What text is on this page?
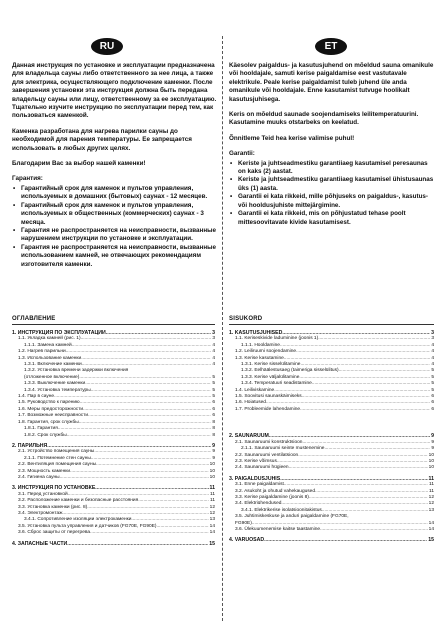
RU

Данная инструкция по установке и эксплуатации предназначена для владельца сауны либо ответственного за нее лица, а также для электрика, осуществляющего подключение каменки. После завершения установки эта инструкция должна быть передана владельцу сауны или лицу, ответственному за ее эксплуатацию. Тщательно изучите инструкцию по эксплуатации перед тем, как пользоваться каменкой.

Каменка разработана для нагрева парилки сауны до необходимой для парения температуры. Ее запрещается использовать в любых других целях.

Благодарим Вас за выбор нашей каменки!

Гарантия:
• Гарантийный срок для каменок и пультов управления, используемых в домашних (бытовых) саунах - 12 месяцев.
• Гарантийный срок для каменок и пультов управления, используемых в общественных (коммерческих) саунах - 3 месяца.
• Гарантия не распространяется на неисправности, вызванные нарушением инструкции по установке и эксплуатации.
• Гарантия не распространяется на неисправности, вызванные использованием камней, не отвечающих рекомендациям изготовителя каменки.
ОГЛАВЛЕНИЕ
1. ИНСТРУКЦИЯ ПО ЭКСПЛУАТАЦИИ .....	3
1.1. Укладка камней (рис. 1) .....	3
1.1.1. Замена камней .....	4
1.2. Нагрев парильни .....	4
1.3. Использование каменки .....	4
1.3.1. Включение каменки .....	4
1.3.2. Установка времени задержки включения
(отложенное включение) .....	5
1.3.3. Выключение каменки .....	5
1.3.4. Установка температуры .....	5
1.4. Пар в сауне .....	5
1.5. Руководство к парению .....	6
1.6. Меры предосторожности .....	6
1.7. Возможные неисправности .....	6
1.8. Гарантия, срок службы .....	8
1.8.1. Гарантия .....	8
1.8.2. Срок службы .....	8
2. ПАРИЛЬНЯ .....	9
2.1. Устройство помещения сауны .....	9
2.1.1. Потемнение стен сауны .....	9
2.2. Вентиляция помещения сауны .....	10
2.3. Мощность каменки .....	10
2.4. Гигиена сауны .....	10
3. ИНСТРУКЦИЯ ПО УСТАНОВКЕ .....	11
3.1. Перед установкой .....	11
3.2. Расположение каменки и безопасные расстояния .....	11
3.3. Установка каменки (рис. 8) .....	12
3.4. Электромонтаж .....	12
3.4.1. Сопротивление изоляции электрокаменки .....	13
3.5. Установка пульта управления и датчиков (FG70E, FG90E) .....	14
3.6. Сброс защиты от перегрева .....	14
4. ЗАПАСНЫЕ ЧАСТИ .....	15
ET

Käesolev paigaldus- ja kasutusjuhend on mõeldud sauna omanikule või hooldajale, samuti kerise paigaldamise eest vastutavale elektrikule. Peale kerise paigaldamist tuleb juhend üle anda omanikule või hooldajale. Enne kasutamist tutvuge hoolikalt kasutusjuhisega.

Keris on mõeldud saunade soojendamiseks leilitemperatuurini. Kasutamine muuks otstarbeks on keelatud.

Õnnitleme Teid hea kerise valimise puhul!

Garantii:
• Keriste ja juhtseadmestiku garantiiaeg kasutamisel peresaunas on kaks (2) aastat.
• Keriste ja juhtseadmestiku garantiiaeg kasutamisel ühistusaunas üks (1) aasta.
• Garantii ei kata rikkeid, mille põhjuseks on paigaldus-, kasutus- või hooldusjuhiste mittejärgimine.
• Garantii ei kata rikkeid, mis on põhjustatud tehase poolt mittesoovitavate kivide kasutamisest.
SISUKORD
1. KASUTUSJUHISED .....	3
1.1. Keriseskivide laduminine (joonis 1) .....	3
1.1.1. Hooldamine .....	4
1.2. Leiliruumi soojendamine .....	4
1.3. Kerise kasutamine .....	4
1.3.1. Kerise sisselülitamine .....	4
1.3.2. Eelhäälestusaeg (taimeriga sisselülitus) .....	5
1.3.3. Kerise väljalülitamine .....	5
1.3.4. Temperatuuri seadistamine .....	5
1.4. Leiliviskamine .....	5
1.5. Soovitusi saunaskäimiseks .....	6
1.6. Hoiatused .....	6
1.7. Probleemide lahendamine .....	6
2. SAUNARUUM .....	9
2.1. Saunaruumi konstruktsioon .....	9
2.1.1. Saunaruumi seinte mustenemine .....	9
2.2. Saunaruumi ventilatsioon .....	10
2.3. Kerise võimsus .....	10
2.4. Saunaruumi hügieen .....	10
3. PAIGALDUSJUHIS .....	11
3.1. Enne paigaldamist .....	11
3.2. Asukoht ja ohutud vahekaugused .....	11
3.3. Kerise paigaldamine (joonis 8) .....	12
3.4. Elektriühendused .....	12
3.4.1. Elektrikerise isolatsioonitakistus .....	13
3.5. Juhtimiskeskuse ja anduri paigaldamine (FG70E,
FG90E) .....	14
3.6. Ülekuumenemise kaitse taastamine .....	14
4. VARUOSAD .....	15
